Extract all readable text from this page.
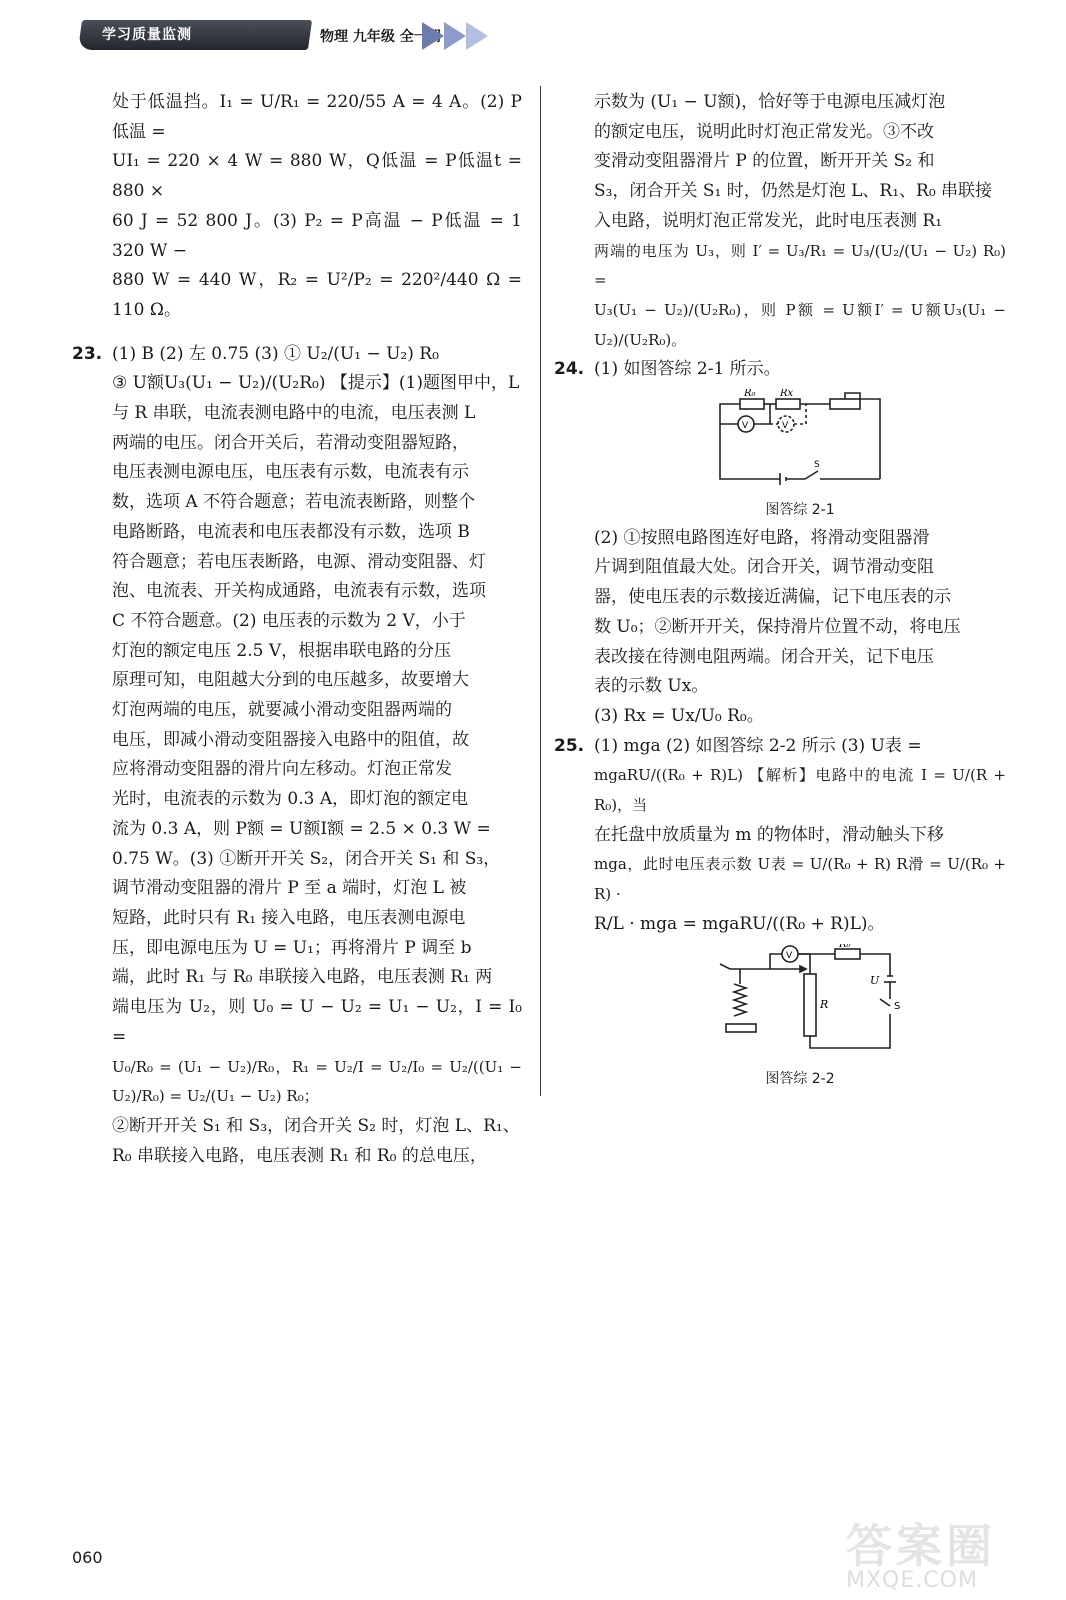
学习质量监测	物理 九年级 全一册

处于低温挡。I₁ = U/R₁ = 220/55 A = 4 A。(2) P低温 =

UI₁ = 220 × 4 W = 880 W，Q低温 = P低温t = 880 ×

60 J = 52 800 J。(3) P₂ = P高温 − P低温 = 1 320 W −

880 W = 440 W，R₂ = U²/P₂ = 220²/440 Ω = 110 Ω。

23. (1) B (2) 左 0.75 (3) ① U₂/(U₁ − U₂) R₀

③ U额U₃(U₁ − U₂)/(U₂R₀) 【提示】(1)题图甲中，L

与 R 串联，电流表测电路中的电流，电压表测 L

两端的电压。闭合开关后，若滑动变阻器短路，

电压表测电源电压，电压表有示数，电流表有示

数，选项 A 不符合题意；若电流表断路，则整个

电路断路，电流表和电压表都没有示数，选项 B

符合题意；若电压表断路，电源、滑动变阻器、灯

泡、电流表、开关构成通路，电流表有示数，选项

C 不符合题意。(2) 电压表的示数为 2 V，小于

灯泡的额定电压 2.5 V，根据串联电路的分压

原理可知，电阻越大分到的电压越多，故要增大

灯泡两端的电压，就要减小滑动变阻器两端的

电压，即减小滑动变阻器接入电路中的阻值，故

应将滑动变阻器的滑片向左移动。灯泡正常发

光时，电流表的示数为 0.3 A，即灯泡的额定电

流为 0.3 A，则 P额 = U额I额 = 2.5 × 0.3 W =

0.75 W。(3) ①断开开关 S₂，闭合开关 S₁ 和 S₃，

调节滑动变阻器的滑片 P 至 a 端时，灯泡 L 被

短路，此时只有 R₁ 接入电路，电压表测电源电

压，即电源电压为 U = U₁；再将滑片 P 调至 b

端，此时 R₁ 与 R₀ 串联接入电路，电压表测 R₁ 两

端电压为 U₂，则 U₀ = U − U₂ = U₁ − U₂，I = I₀ =

U₀/R₀ = (U₁ − U₂)/R₀，R₁ = U₂/I = U₂/I₀ = U₂/((U₁ − U₂)/R₀) = U₂/(U₁ − U₂) R₀；

②断开开关 S₁ 和 S₃，闭合开关 S₂ 时，灯泡 L、R₁、

R₀ 串联接入电路，电压表测 R₁ 和 R₀ 的总电压，

示数为 (U₁ − U额)，恰好等于电源电压减灯泡

的额定电压，说明此时灯泡正常发光。③不改

变滑动变阻器滑片 P 的位置，断开开关 S₂ 和

S₃，闭合开关 S₁ 时，仍然是灯泡 L、R₁、R₀ 串联接

入电路，说明灯泡正常发光，此时电压表测 R₁

两端的电压为 U₃，则 I′ = U₃/R₁ = U₃/(U₂/(U₁ − U₂) R₀) =

U₃(U₁ − U₂)/(U₂R₀)，则 P额 = U额I′ = U额U₃(U₁ − U₂)/(U₂R₀)。

24. (1) 如图答综 2-1 所示。

R₀ Rx
V	V
S
图答综 2-1

(2) ①按照电路图连好电路，将滑动变阻器滑

片调到阻值最大处。闭合开关，调节滑动变阻

器，使电压表的示数接近满偏，记下电压表的示

数 U₀；②断开开关，保持滑片位置不动，将电压

表改接在待测电阻两端。闭合开关，记下电压

表的示数 Ux。

(3) Rx = Ux/U₀ R₀。

25. (1) mga (2) 如图答综 2-2 所示 (3) U表 =

mgaRU/((R₀ + R)L) 【解析】电路中的电流 I = U/(R + R₀)，当

在托盘中放质量为 m 的物体时，滑动触头下移

mga，此时电压表示数 U表 = U/(R₀ + R) R滑 = U/(R₀ + R) ·

R/L · mga = mgaRU/((R₀ + R)L)。

R₀
R
U
S
V
图答综 2-2
060	答案圈
MXQE.COM
